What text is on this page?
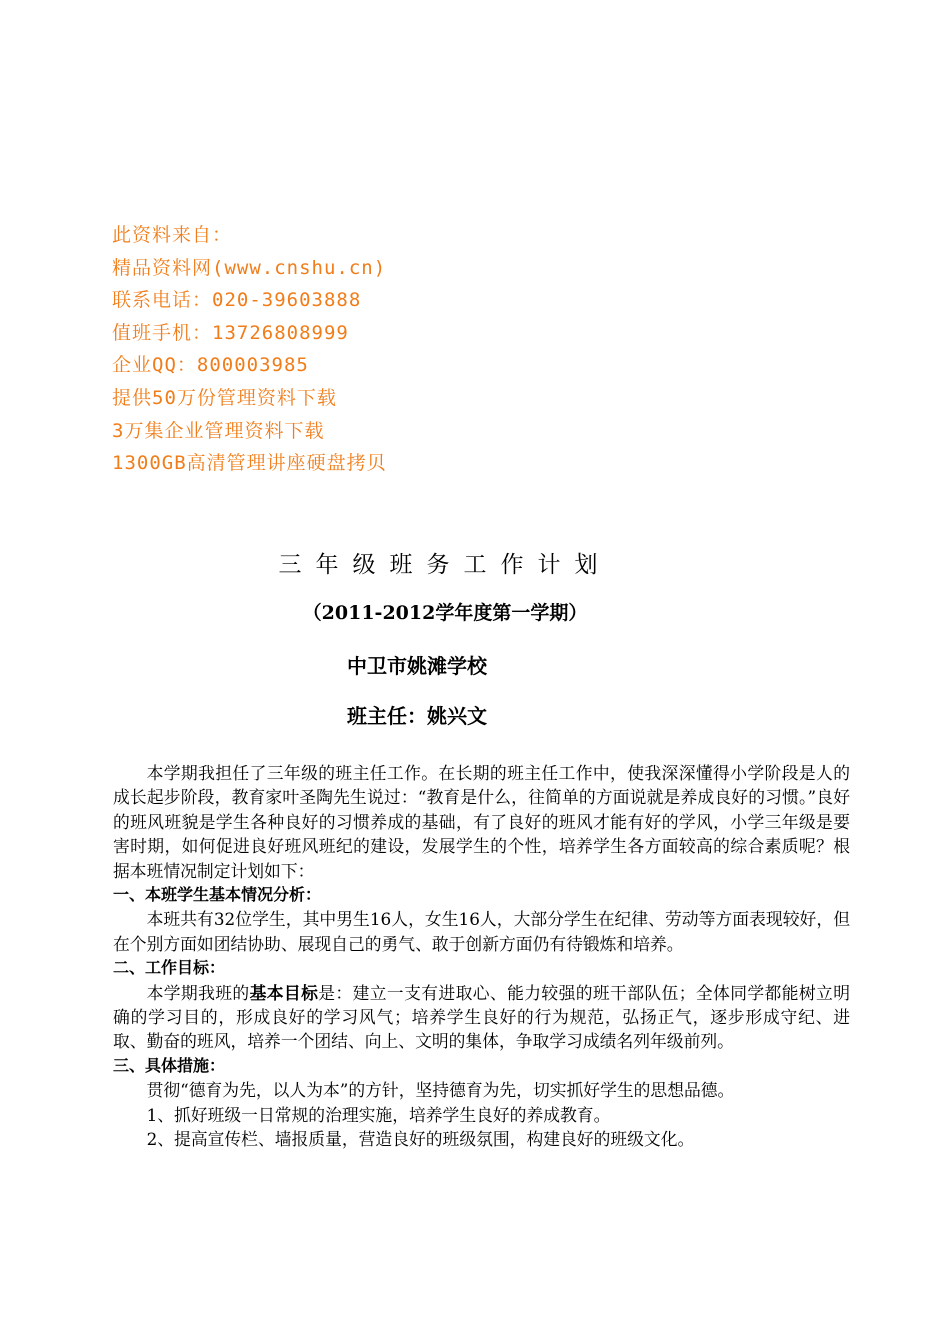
此资料来自：
精品资料网(www.cnshu.cn)
联系电话：020-39603888
值班手机：13726808999
企业QQ：800003985
提供50万份管理资料下载
3万集企业管理资料下载
1300GB高清管理讲座硬盘拷贝
三年级班务工作计划
（2011-2012学年度第一学期）
中卫市姚滩学校
班主任：姚兴文

本学期我担任了三年级的班主任工作。在长期的班主任工作中，使我深深懂得小学阶段是人的成长起步阶段，教育家叶圣陶先生说过：“教育是什么，往简单的方面说就是养成良好的习惯。”良好的班风班貌是学生各种良好的习惯养成的基础，有了良好的班风才能有好的学风，小学三年级是要害时期，如何促进良好班风班纪的建设，发展学生的个性，培养学生各方面较高的综合素质呢？根据本班情况制定计划如下：

一、本班学生基本情况分析：

本班共有32位学生，其中男生16人，女生16人，大部分学生在纪律、劳动等方面表现较好，但在个别方面如团结协助、展现自己的勇气、敢于创新方面仍有待锻炼和培养。

二、工作目标：

本学期我班的基本目标是：建立一支有进取心、能力较强的班干部队伍；全体同学都能树立明确的学习目的，形成良好的学习风气；培养学生良好的行为规范，弘扬正气，逐步形成守纪、进取、勤奋的班风，培养一个团结、向上、文明的集体，争取学习成绩名列年级前列。

三、具体措施：

贯彻“德育为先，以人为本”的方针，坚持德育为先，切实抓好学生的思想品德。

1、抓好班级一日常规的治理实施，培养学生良好的养成教育。

2、提高宣传栏、墙报质量，营造良好的班级氛围，构建良好的班级文化。
